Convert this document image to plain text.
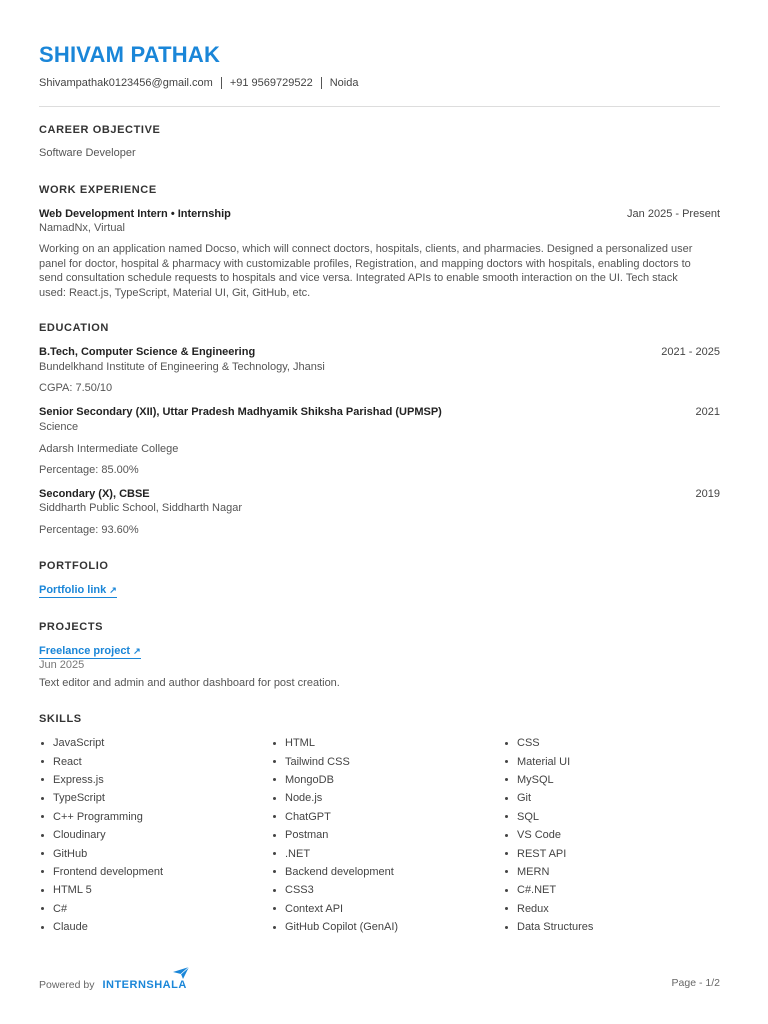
SHIVAM PATHAK
Shivampathak0123456@gmail.com +91 9569729522 Noida
CAREER OBJECTIVE
Software Developer
WORK EXPERIENCE
Web Development Intern • Internship	Jan 2025 - Present
NamadNx, Virtual
Working on an application named Docso, which will connect doctors, hospitals, clients, and pharmacies. Designed a personalized user
panel for doctor, hospital & pharmacy with customizable profiles, Registration, and mapping doctors with hospitals, enabling doctors to
send consultation schedule requests to hospitals and vice versa. Integrated APIs to enable smooth interaction on the UI. Tech stack
used: React.js, TypeScript, Material UI, Git, GitHub, etc.
EDUCATION
B.Tech, Computer Science & Engineering	2021 - 2025
Bundelkhand Institute of Engineering & Technology, Jhansi
CGPA: 7.50/10
Senior Secondary (XII), Uttar Pradesh Madhyamik Shiksha Parishad (UPMSP)	2021
Science
Adarsh Intermediate College
Percentage: 85.00%
Secondary (X), CBSE	2019
Siddharth Public School, Siddharth Nagar
Percentage: 93.60%
PORTFOLIO
Portfolio link ↗
PROJECTS
Freelance project ↗
Jun 2025
Text editor and admin and author dashboard for post creation.
SKILLS
JavaScript	HTML	CSS
React	Tailwind CSS	Material UI
Express.js	MongoDB	MySQL
TypeScript	Node.js	Git
C++ Programming	ChatGPT	SQL
Cloudinary	Postman	VS Code
GitHub	.NET	REST API
Frontend development	Backend development	MERN
HTML 5	CSS3	C#.NET
C#	Context API	Redux
Claude	GitHub Copilot (GenAI)	Data Structures
Powered by INTERNSHALA	Page - 1/2
